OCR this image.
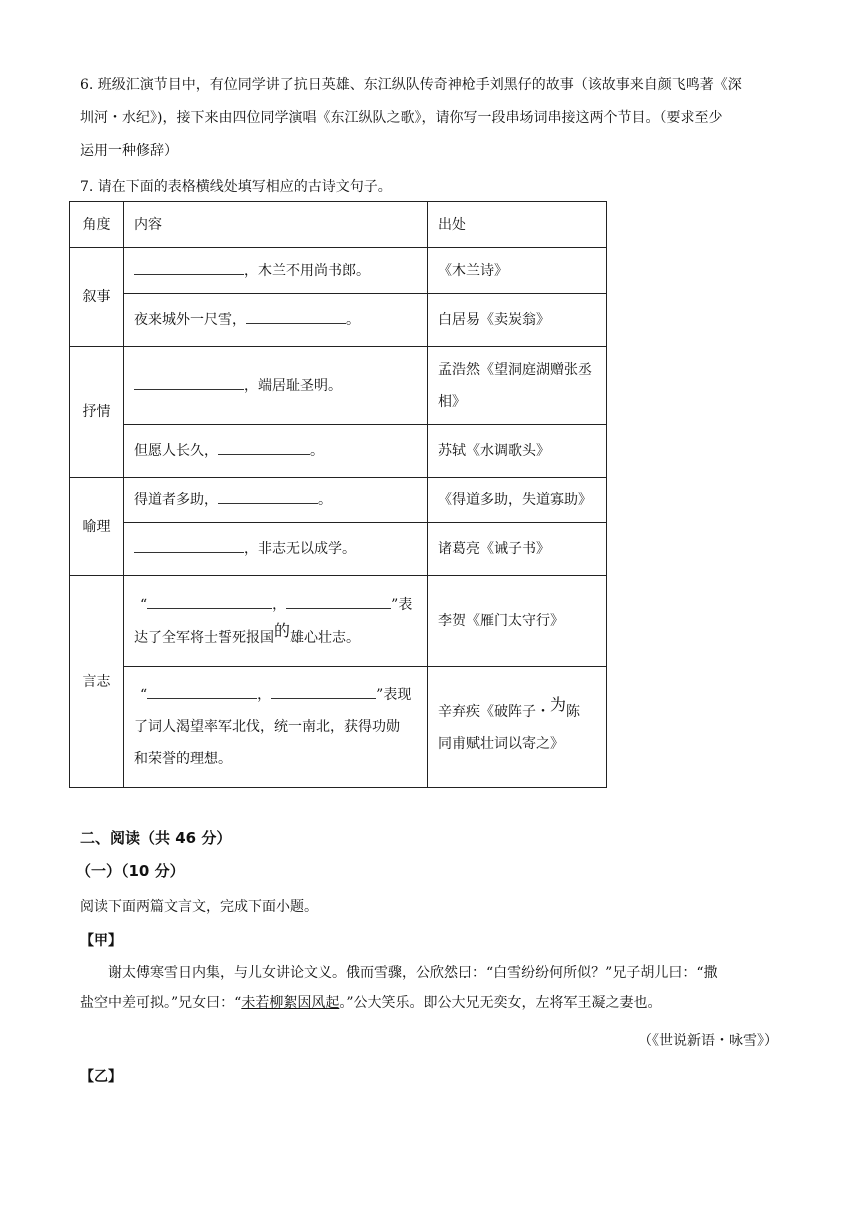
6. 班级汇演节目中，有位同学讲了抗日英雄、东江纵队传奇神枪手刘黑仔的故事（该故事来自颜飞鸣著《深
圳河・水纪》)，接下来由四位同学演唱《东江纵队之歌》，请你写一段串场词串接这两个节目。（要求至少
运用一种修辞）
7. 请在下面的表格横线处填写相应的古诗文句子。
角度	内容	出处
叙事	，木兰不用尚书郎。	《木兰诗》
	夜来城外一尺雪， 。	白居易《卖炭翁》
抒情	，端居耻圣明。	孟浩然《望洞庭湖赠张丞
相》
	但愿人长久， 。	苏轼《水调歌头》
喻理	得道者多助， 。	《得道多助，失道寡助》
	，非志无以成学。	诸葛亮《诫子书》
言志	“ ， ”表
达了全军将士誓死报国的雄心壮志。	李贺《雁门太守行》
	“ ， ”表现
了词人渴望率军北伐，统一南北，获得功勋
和荣誉的理想。	辛弃疾《破阵子・为陈
同甫赋壮词以寄之》
二、阅读（共 46 分）
（一）（10 分）
阅读下面两篇文言文，完成下面小题。
【甲】
谢太傅寒雪日内集，与儿女讲论文义。俄而雪骤，公欣然曰：“白雪纷纷何所似？”兄子胡儿曰：“撒
盐空中差可拟。”兄女曰：“未若柳絮因风起。”公大笑乐。即公大兄无奕女，左将军王凝之妻也。
（《世说新语・咏雪》）
【乙】
